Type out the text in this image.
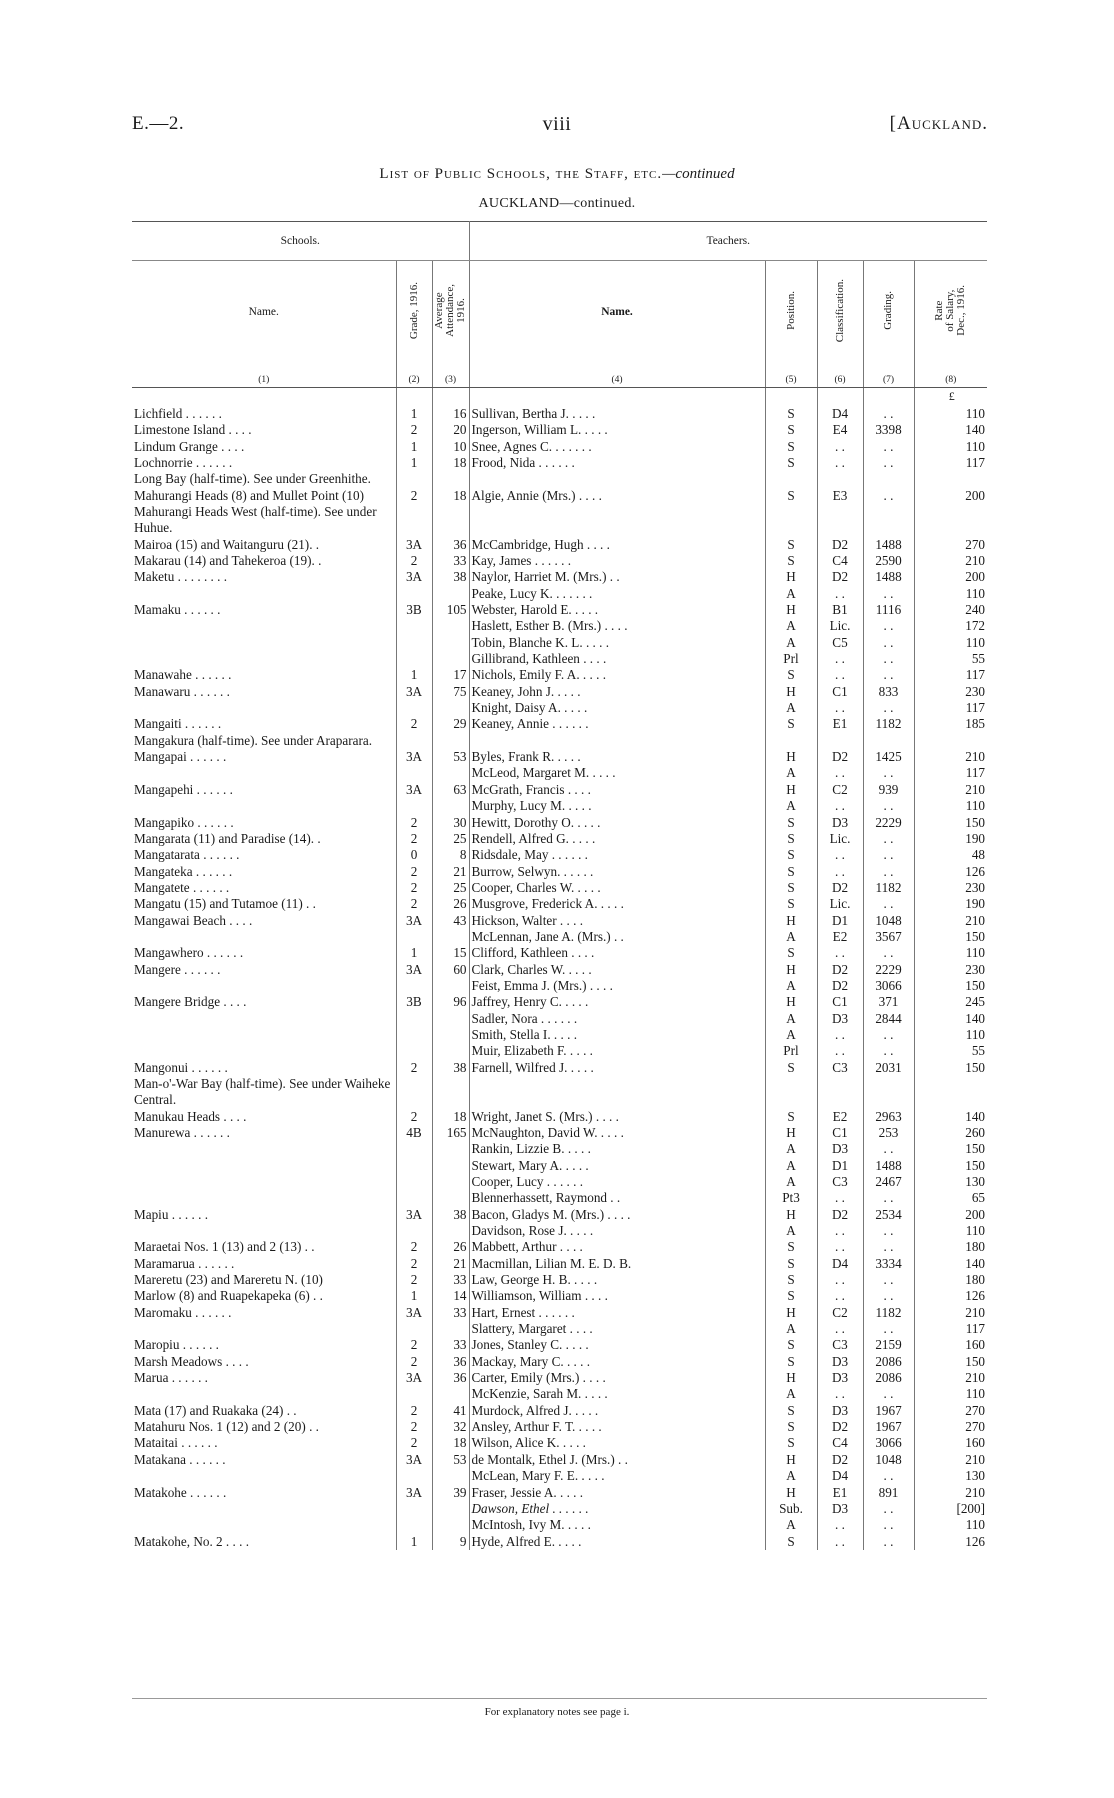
E.—2.	viii	[Auckland.
List of Public Schools, the Staff, etc.—continued
AUCKLAND—continued.
Schools.			Teachers.				
Name.	Grade, 1916.	Average Attendance, 1916.	Name.	Position.	Classification.	Grading.	Rate of Salary, Dec., 1916.

(1)	(2)	(3)	(4)	(5)	(6)	(7)	(8)
							£
Lichfield . . . . . .	1	16	Sullivan, Bertha J. . . . .	S	D4	. .	110
Limestone Island . . . .	2	20	Ingerson, William L. . . . .	S	E4	3398	140
Lindum Grange . . . .	1	10	Snee, Agnes C. . . . . . .	S	. .	. .	110
Lochnorrie . . . . . .	1	18	Frood, Nida . . . . . .	S	. .	. .	117
Long Bay (half-time). See under Greenhithe.							
Mahurangi Heads (8) and Mullet Point (10)	2	18	Algie, Annie (Mrs.) . . . .	S	E3	. .	200
Mahurangi Heads West (half-time). See under Huhue.							
Mairoa (15) and Waitanguru (21). .	3A	36	McCambridge, Hugh . . . .	S	D2	1488	270
Makarau (14) and Tahekeroa (19). .	2	33	Kay, James . . . . . .	S	C4	2590	210
Maketu . . . . . . . .	3A	38	Naylor, Harriet M. (Mrs.) . .	H	D2	1488	200
			Peake, Lucy K. . . . . . .	A	. .	. .	110
Mamaku . . . . . .	3B	105	Webster, Harold E. . . . .	H	B1	1116	240
			Haslett, Esther B. (Mrs.) . . . .	A	Lic.	. .	172
			Tobin, Blanche K. L. . . . .	A	C5	. .	110
			Gillibrand, Kathleen . . . .	Prl	. .	. .	55
Manawahe . . . . . .	1	17	Nichols, Emily F. A. . . . .	S	. .	. .	117
Manawaru . . . . . .	3A	75	Keaney, John J. . . . .	H	C1	833	230
			Knight, Daisy A. . . . .	A	. .	. .	117
Mangaiti . . . . . .	2	29	Keaney, Annie . . . . . .	S	E1	1182	185
Mangakura (half-time). See under Araparara.							
Mangapai . . . . . .	3A	53	Byles, Frank R. . . . .	H	D2	1425	210
			McLeod, Margaret M. . . . .	A	. .	. .	117
Mangapehi . . . . . .	3A	63	McGrath, Francis . . . .	H	C2	939	210
			Murphy, Lucy M. . . . .	A	. .	. .	110
Mangapiko . . . . . .	2	30	Hewitt, Dorothy O. . . . .	S	D3	2229	150
Mangarata (11) and Paradise (14). .	2	25	Rendell, Alfred G. . . . .	S	Lic.	. .	190
Mangatarata . . . . . .	0	8	Ridsdale, May . . . . . .	S	. .	. .	48
Mangateka . . . . . .	2	21	Burrow, Selwyn. . . . . .	S	. .	. .	126
Mangatete . . . . . .	2	25	Cooper, Charles W. . . . .	S	D2	1182	230
Mangatu (15) and Tutamoe (11) . .	2	26	Musgrove, Frederick A. . . . .	S	Lic.	. .	190
Mangawai Beach . . . .	3A	43	Hickson, Walter . . . .	H	D1	1048	210
			McLennan, Jane A. (Mrs.) . .	A	E2	3567	150
Mangawhero . . . . . .	1	15	Clifford, Kathleen . . . .	S	. .	. .	110
Mangere . . . . . .	3A	60	Clark, Charles W. . . . .	H	D2	2229	230
			Feist, Emma J. (Mrs.) . . . .	A	D2	3066	150
Mangere Bridge . . . .	3B	96	Jaffrey, Henry C. . . . .	H	C1	371	245
			Sadler, Nora . . . . . .	A	D3	2844	140
			Smith, Stella I. . . . .	A	. .	. .	110
			Muir, Elizabeth F. . . . .	Prl	. .	. .	55
Mangonui . . . . . .	2	38	Farnell, Wilfred J. . . . .	S	C3	2031	150
Man-o'-War Bay (half-time). See under Waiheke Central.							
Manukau Heads . . . .	2	18	Wright, Janet S. (Mrs.) . . . .	S	E2	2963	140
Manurewa . . . . . .	4B	165	McNaughton, David W. . . . .	H	C1	253	260
			Rankin, Lizzie B. . . . .	A	D3	. .	150
			Stewart, Mary A. . . . .	A	D1	1488	150
			Cooper, Lucy . . . . . .	A	C3	2467	130
			Blennerhassett, Raymond . .	Pt3	. .	. .	65
Mapiu . . . . . .	3A	38	Bacon, Gladys M. (Mrs.) . . . .	H	D2	2534	200
			Davidson, Rose J. . . . .	A	. .	. .	110
Maraetai Nos. 1 (13) and 2 (13) . .	2	26	Mabbett, Arthur . . . .	S	. .	. .	180
Maramarua . . . . . .	2	21	Macmillan, Lilian M. E. D. B.	S	D4	3334	140
Mareretu (23) and Mareretu N. (10)	2	33	Law, George H. B. . . . .	S	. .	. .	180
Marlow (8) and Ruapekapeka (6) . .	1	14	Williamson, William . . . .	S	. .	. .	126
Maromaku . . . . . .	3A	33	Hart, Ernest . . . . . .	H	C2	1182	210
			Slattery, Margaret . . . .	A	. .	. .	117
Maropiu . . . . . .	2	33	Jones, Stanley C. . . . .	S	C3	2159	160
Marsh Meadows . . . .	2	36	Mackay, Mary C. . . . .	S	D3	2086	150
Marua . . . . . .	3A	36	Carter, Emily (Mrs.) . . . .	H	D3	2086	210
			McKenzie, Sarah M. . . . .	A	. .	. .	110
Mata (17) and Ruakaka (24) . .	2	41	Murdock, Alfred J. . . . .	S	D3	1967	270
Matahuru Nos. 1 (12) and 2 (20) . .	2	32	Ansley, Arthur F. T. . . . .	S	D2	1967	270
Mataitai . . . . . .	2	18	Wilson, Alice K. . . . .	S	C4	3066	160
Matakana . . . . . .	3A	53	de Montalk, Ethel J. (Mrs.) . .	H	D2	1048	210
			McLean, Mary F. E. . . . .	A	D4	. .	130
Matakohe . . . . . .	3A	39	Fraser, Jessie A. . . . .	H	E1	891	210
			Dawson, Ethel . . . . . .	Sub.	D3	. .	[200]
			McIntosh, Ivy M. . . . .	A	. .	. .	110
Matakohe, No. 2 . . . .	1	9	Hyde, Alfred E. . . . .	S	. .	. .	126
For explanatory notes see page i.
